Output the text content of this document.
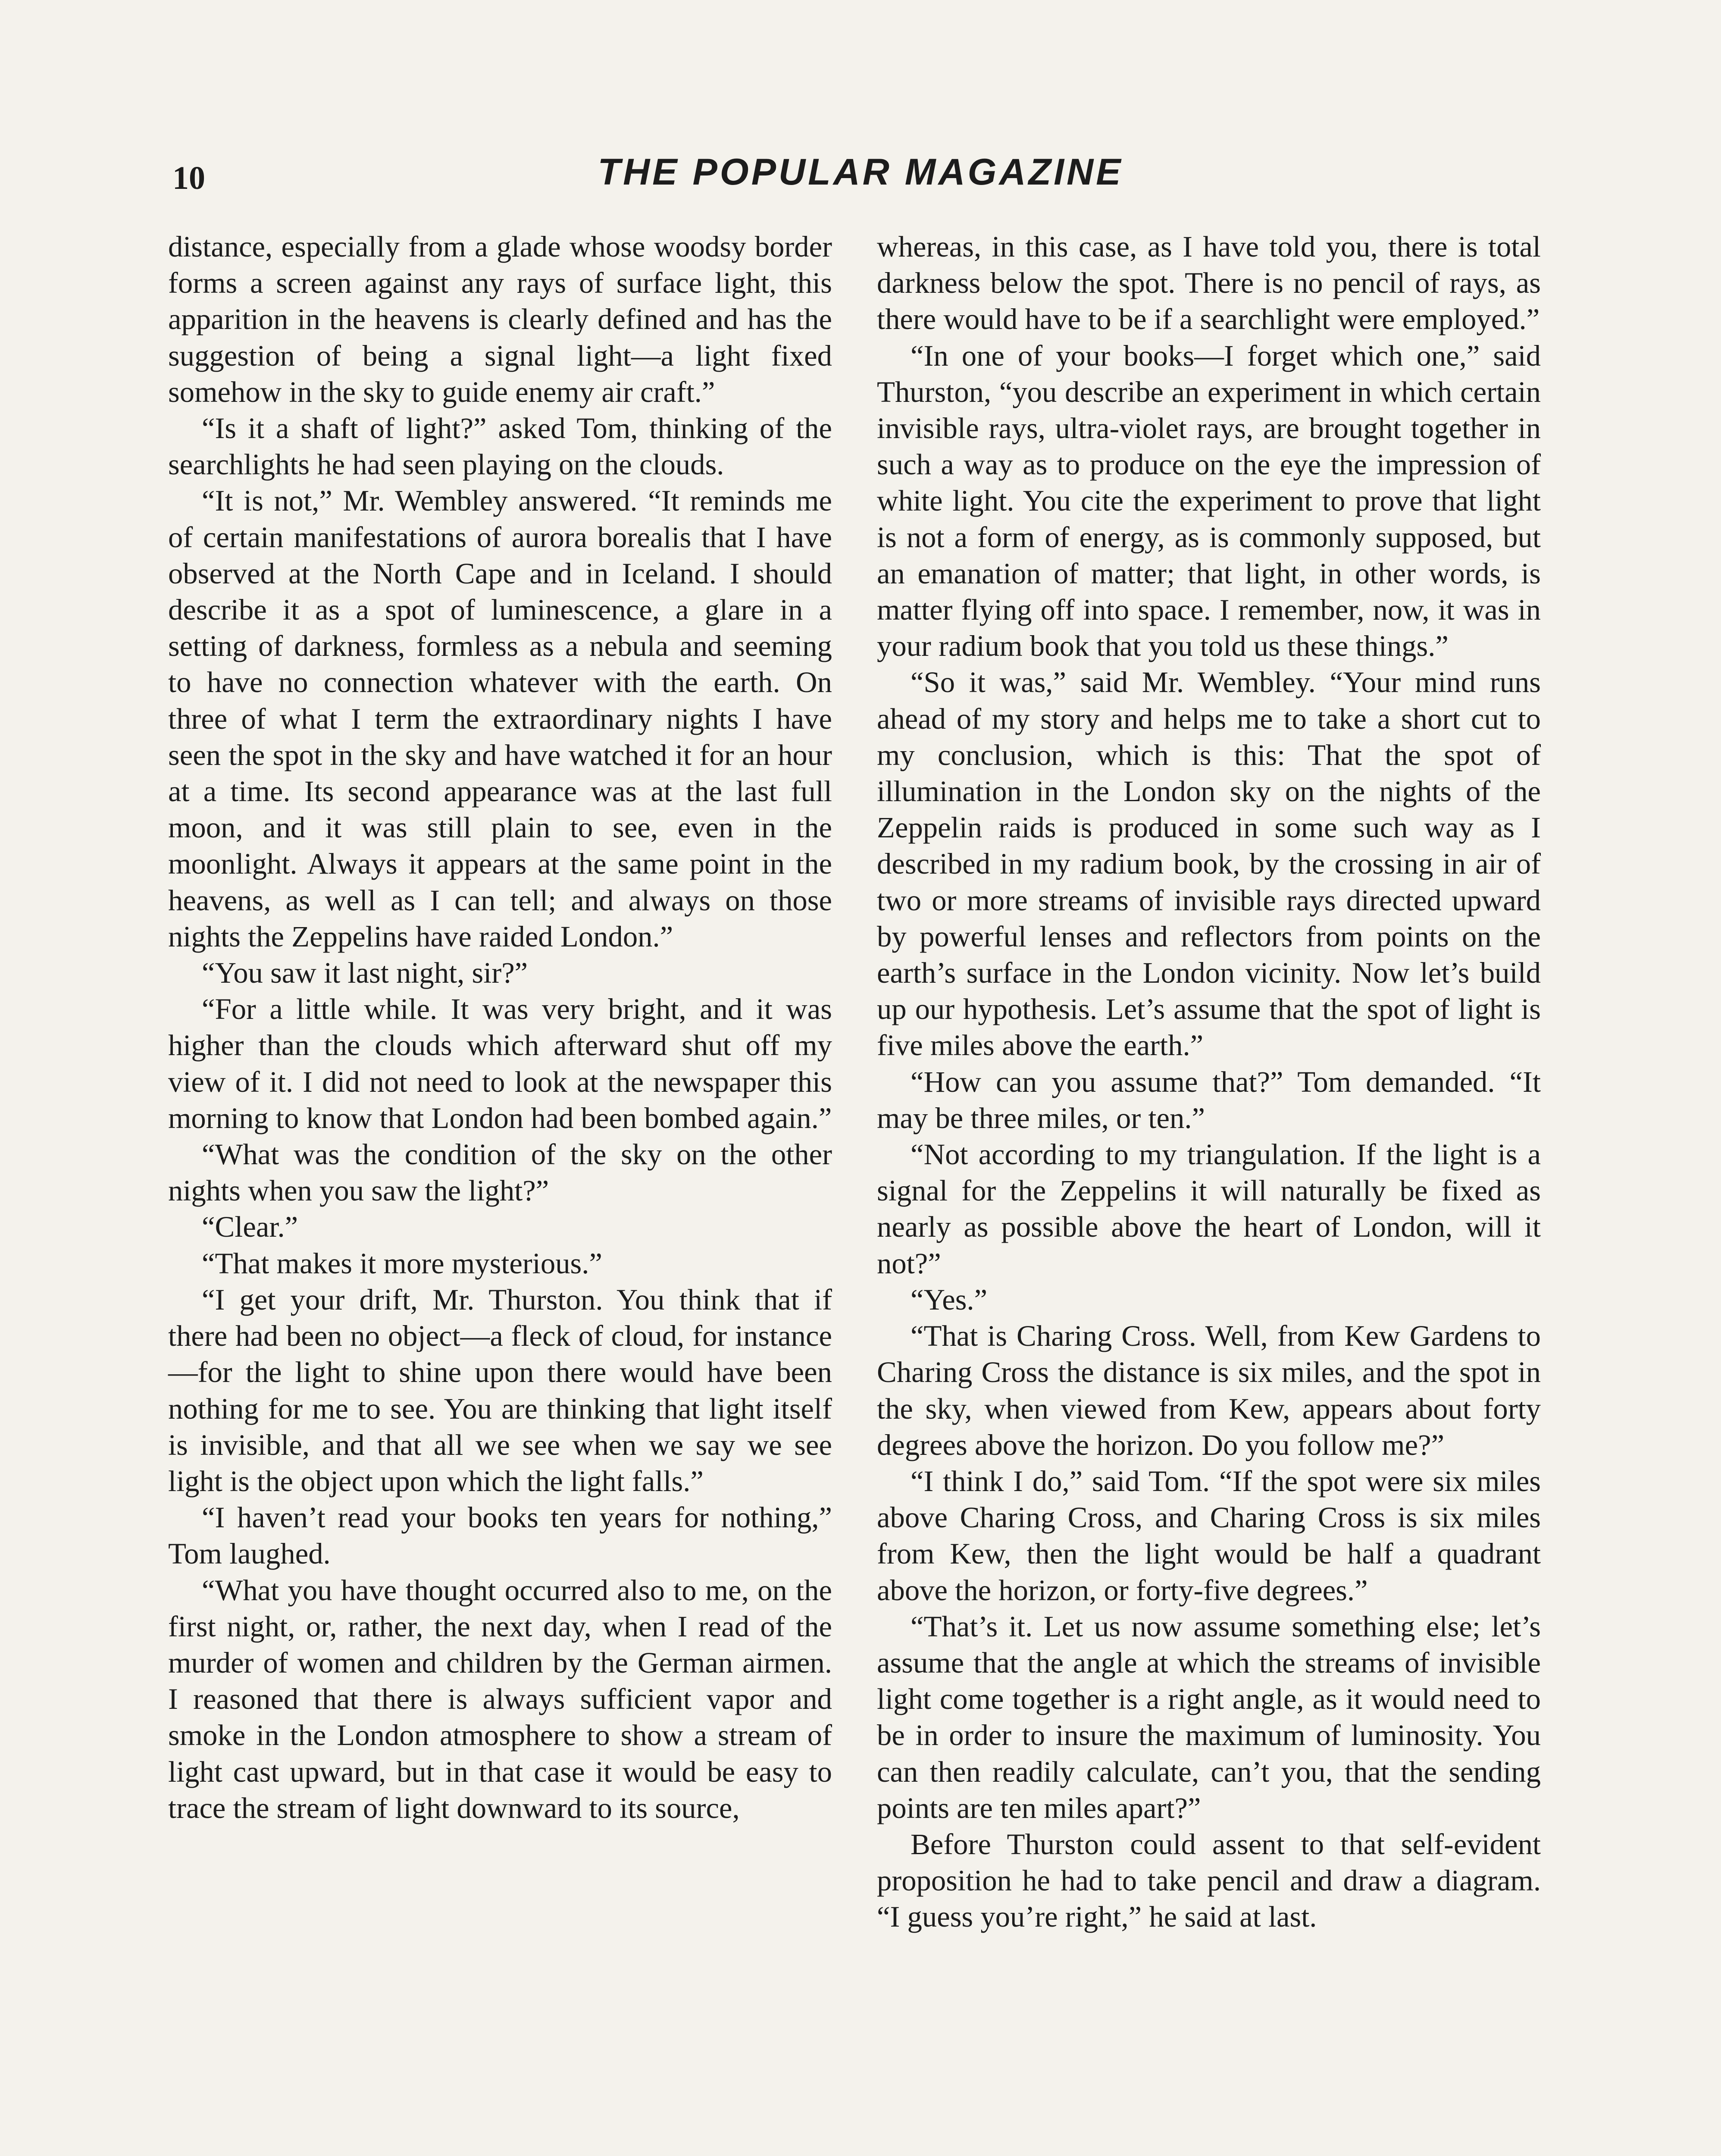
10	THE POPULAR MAGAZINE

distance, especially from a glade whose woodsy border forms a screen against any rays of surface light, this apparition in the heavens is clearly defined and has the suggestion of being a signal light—a light fixed somehow in the sky to guide enemy air craft.”

“Is it a shaft of light?” asked Tom, thinking of the searchlights he had seen playing on the clouds.

“It is not,” Mr. Wembley answered. “It reminds me of certain manifestations of aurora borealis that I have observed at the North Cape and in Iceland. I should describe it as a spot of luminescence, a glare in a setting of darkness, formless as a nebula and seeming to have no connection whatever with the earth. On three of what I term the extraordinary nights I have seen the spot in the sky and have watched it for an hour at a time. Its second appearance was at the last full moon, and it was still plain to see, even in the moonlight. Always it appears at the same point in the heavens, as well as I can tell; and always on those nights the Zeppelins have raided London.”

“You saw it last night, sir?”

“For a little while. It was very bright, and it was higher than the clouds which afterward shut off my view of it. I did not need to look at the newspaper this morning to know that London had been bombed again.”

“What was the condition of the sky on the other nights when you saw the light?”

“Clear.”

“That makes it more mysterious.”

“I get your drift, Mr. Thurston. You think that if there had been no object—a fleck of cloud, for instance—for the light to shine upon there would have been nothing for me to see. You are thinking that light itself is invisible, and that all we see when we say we see light is the object upon which the light falls.”

“I haven’t read your books ten years for nothing,” Tom laughed.

“What you have thought occurred also to me, on the first night, or, rather, the next day, when I read of the murder of women and children by the German airmen. I reasoned that there is always sufficient vapor and smoke in the London atmosphere to show a stream of light cast upward, but in that case it would be easy to trace the stream of light downward to its source,

whereas, in this case, as I have told you, there is total darkness below the spot. There is no pencil of rays, as there would have to be if a searchlight were employed.”

“In one of your books—I forget which one,” said Thurston, “you describe an experiment in which certain invisible rays, ultra-violet rays, are brought together in such a way as to produce on the eye the impression of white light. You cite the experiment to prove that light is not a form of energy, as is commonly supposed, but an emanation of matter; that light, in other words, is matter flying off into space. I remember, now, it was in your radium book that you told us these things.”

“So it was,” said Mr. Wembley. “Your mind runs ahead of my story and helps me to take a short cut to my conclusion, which is this: That the spot of illumination in the London sky on the nights of the Zeppelin raids is produced in some such way as I described in my radium book, by the crossing in air of two or more streams of invisible rays directed upward by powerful lenses and reflectors from points on the earth’s surface in the London vicinity. Now let’s build up our hypothesis. Let’s assume that the spot of light is five miles above the earth.”

“How can you assume that?” Tom demanded. “It may be three miles, or ten.”

“Not according to my triangulation. If the light is a signal for the Zeppelins it will naturally be fixed as nearly as possible above the heart of London, will it not?”

“Yes.”

“That is Charing Cross. Well, from Kew Gardens to Charing Cross the distance is six miles, and the spot in the sky, when viewed from Kew, appears about forty degrees above the horizon. Do you follow me?”

“I think I do,” said Tom. “If the spot were six miles above Charing Cross, and Charing Cross is six miles from Kew, then the light would be half a quadrant above the horizon, or forty-five degrees.”

“That’s it. Let us now assume something else; let’s assume that the angle at which the streams of invisible light come together is a right angle, as it would need to be in order to insure the maximum of luminosity. You can then readily calculate, can’t you, that the sending points are ten miles apart?”

Before Thurston could assent to that self-evident proposition he had to take pencil and draw a diagram. “I guess you’re right,” he said at last.
